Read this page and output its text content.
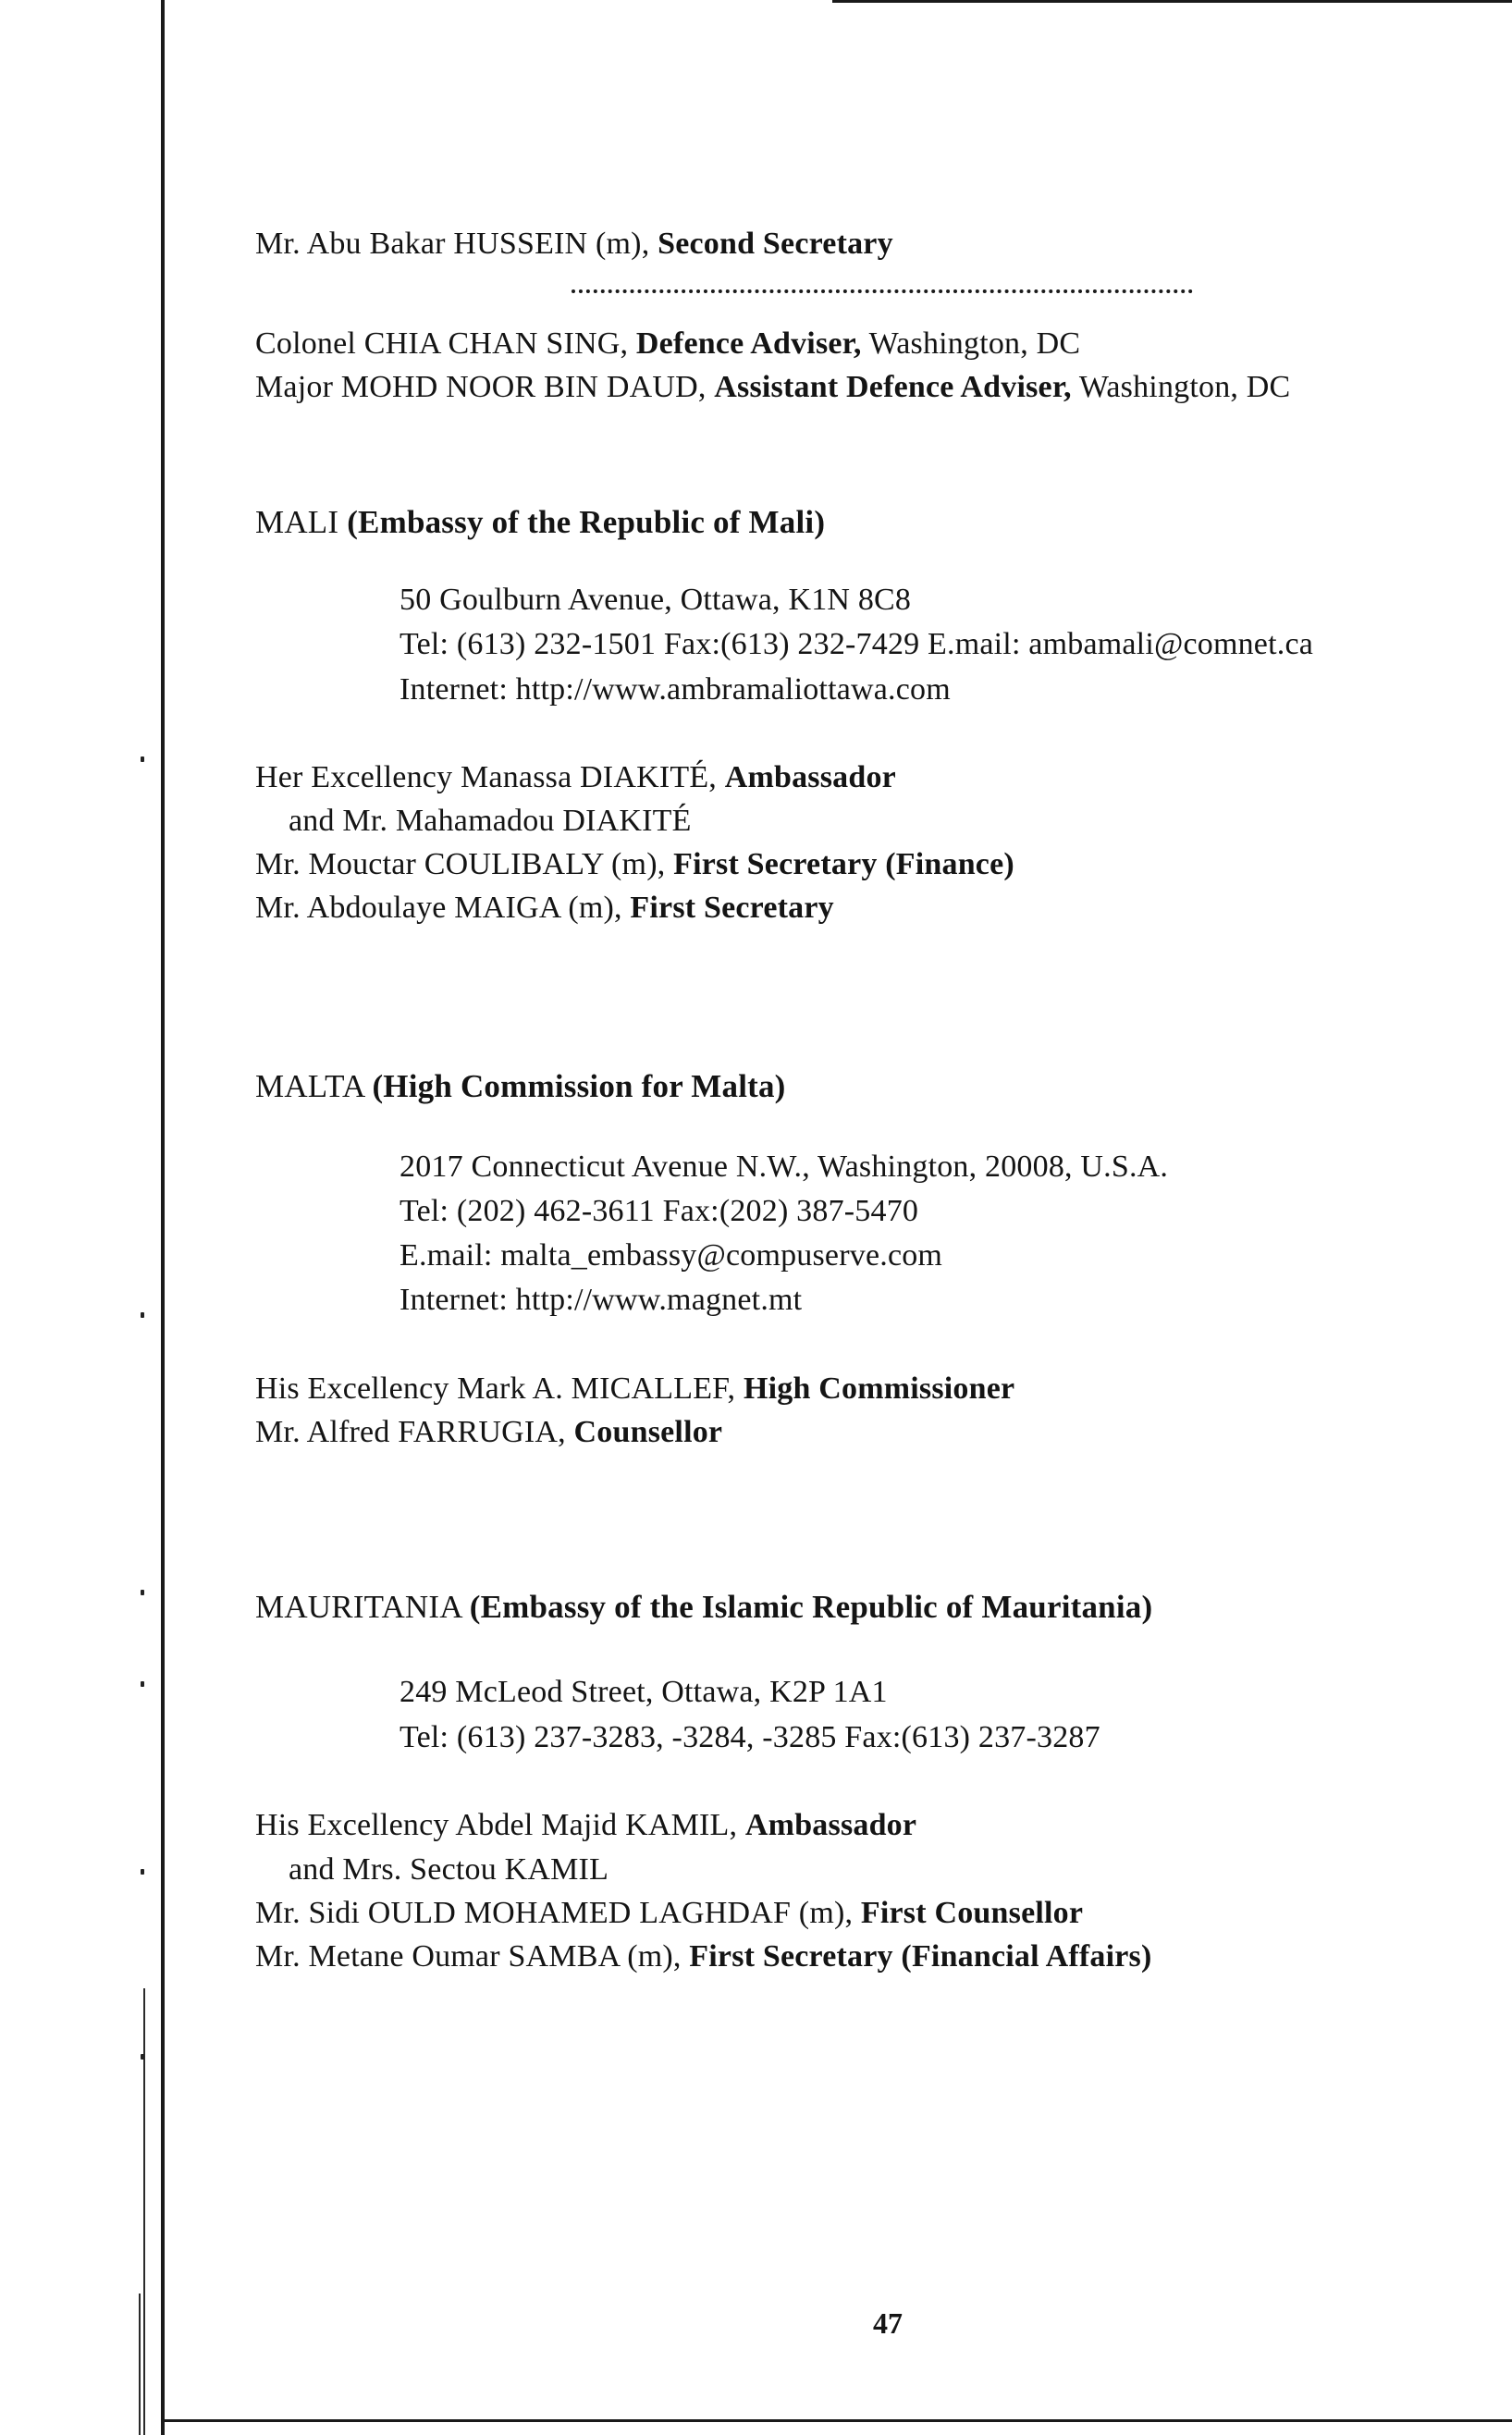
Mr. Abu Bakar HUSSEIN (m), Second Secretary
Colonel CHIA CHAN SING, Defence Adviser, Washington, DC
Major MOHD NOOR BIN DAUD, Assistant Defence Adviser, Washington, DC
MALI (Embassy of the Republic of Mali)
50 Goulburn Avenue, Ottawa, K1N 8C8
Tel: (613) 232-1501 Fax:(613) 232-7429 E.mail: ambamali@comnet.ca
Internet: http://www.ambramaliottawa.com
Her Excellency Manassa DIAKITÉ, Ambassador
and Mr. Mahamadou DIAKITÉ
Mr. Mouctar COULIBALY (m), First Secretary (Finance)
Mr. Abdoulaye MAIGA (m), First Secretary
MALTA (High Commission for Malta)
2017 Connecticut Avenue N.W., Washington, 20008, U.S.A.
Tel: (202) 462-3611 Fax:(202) 387-5470
E.mail: malta_embassy@compuserve.com
Internet: http://www.magnet.mt
His Excellency Mark A. MICALLEF, High Commissioner
Mr. Alfred FARRUGIA, Counsellor
MAURITANIA (Embassy of the Islamic Republic of Mauritania)
249 McLeod Street, Ottawa, K2P 1A1
Tel: (613) 237-3283, -3284, -3285 Fax:(613) 237-3287
His Excellency Abdel Majid KAMIL, Ambassador
and Mrs. Sectou KAMIL
Mr. Sidi OULD MOHAMED LAGHDAF (m), First Counsellor
Mr. Metane Oumar SAMBA (m), First Secretary (Financial Affairs)
47
